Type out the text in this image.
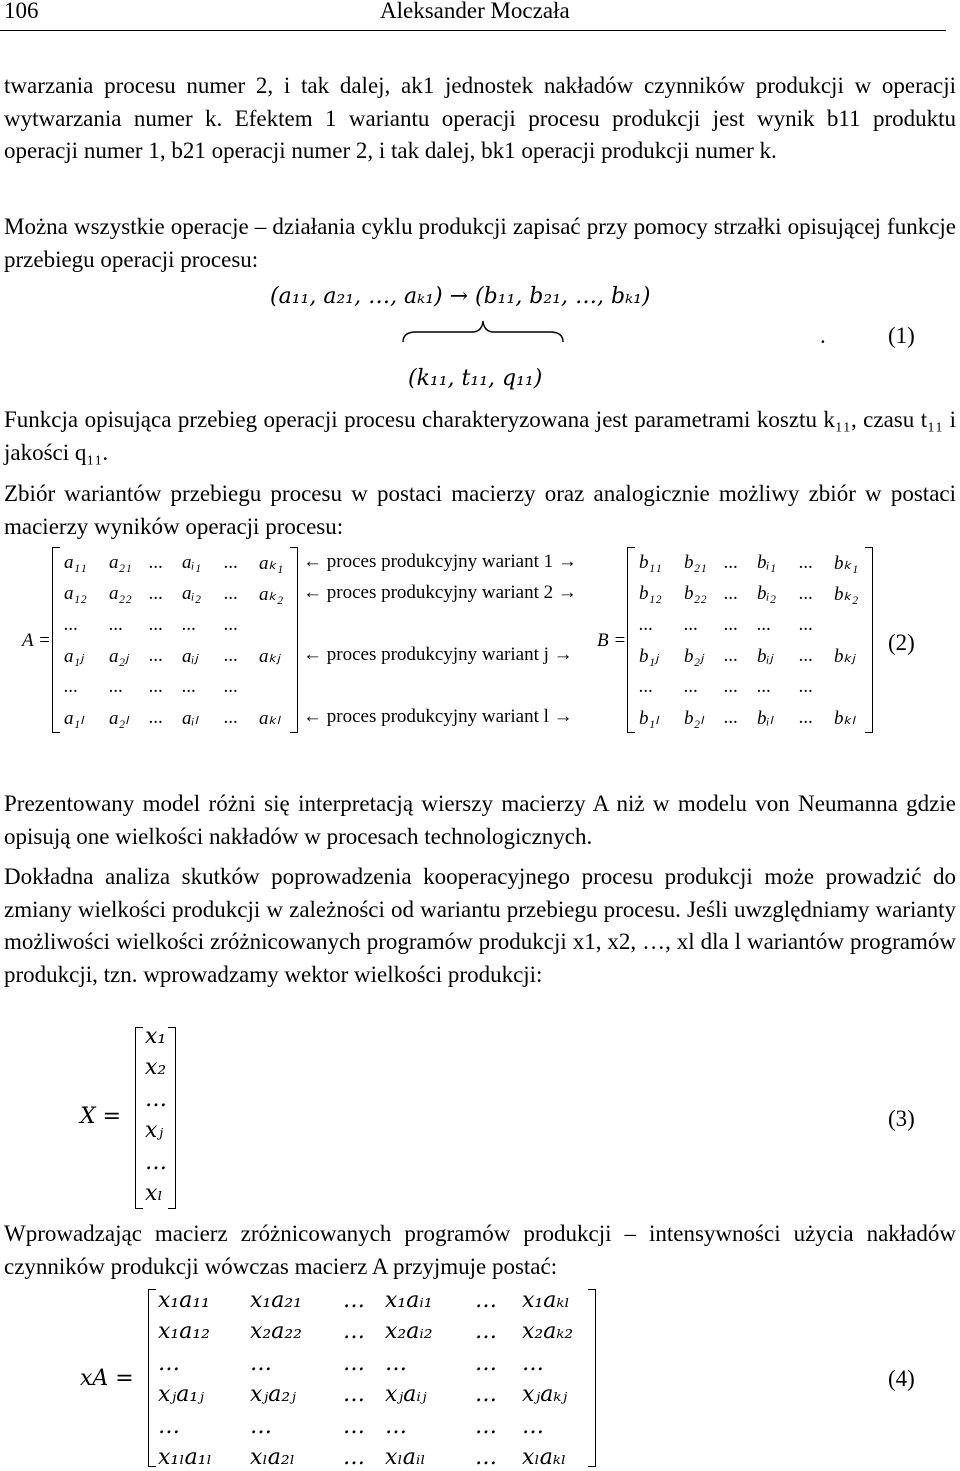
106	Aleksander Moczała
twarzania procesu numer 2, i tak dalej, ak1 jednostek nakładów czynników produkcji w operacji wytwarzania numer k. Efektem 1 wariantu operacji procesu produkcji jest wynik b11 produktu operacji numer 1, b21 operacji numer 2, i tak dalej, bk1 operacji produkcji numer k.
Można wszystkie operacje – działania cyklu produkcji zapisać przy pomocy strzałki opisującej funkcje przebiegu operacji procesu:
(a₁₁, a₂₁, …, aₖ₁) → (b₁₁, b₂₁, …, bₖ₁)
(k₁₁, t₁₁, q₁₁)
.	(1)
Funkcja opisująca przebieg operacji procesu charakteryzowana jest parametrami kosztu k₁₁, czasu t₁₁ i jakości q₁₁.
Zbiór wariantów przebiegu procesu w postaci macierzy oraz analogicznie możliwy zbiór w postaci macierzy wyników operacji procesu:
A =
a₁₁ a₂₁ ... aᵢ₁ ... aₖ₁
a₁₂ a₂₂ ... aᵢ₂ ... aₖ₂
... ... ... ... ...
a₁ⱼ a₂ⱼ ... aᵢⱼ ... aₖⱼ
... ... ... ... ...
a₁ₗ a₂ₗ ... aᵢₗ ... aₖₗ
← proces produkcyjny wariant 1 →
← proces produkcyjny wariant 2 →
← proces produkcyjny wariant j →
← proces produkcyjny wariant l →
B =
b₁₁ b₂₁ ... bᵢ₁ ... bₖ₁
b₁₂ b₂₂ ... bᵢ₂ ... bₖ₂
... ... ... ... ...
b₁ⱼ b₂ⱼ ... bᵢⱼ ... bₖⱼ
... ... ... ... ...
b₁ₗ b₂ₗ ... bᵢₗ ... bₖₗ
(2)
Prezentowany model różni się interpretacją wierszy macierzy A niż w modelu von Neumanna gdzie opisują one wielkości nakładów w procesach technologicznych.
Dokładna analiza skutków poprowadzenia kooperacyjnego procesu produkcji może prowadzić do zmiany wielkości produkcji w zależności od wariantu przebiegu procesu. Jeśli uwzględniamy warianty możliwości wielkości zróżnicowanych programów produkcji x1, x2, …, xl dla l wariantów programów produkcji, tzn. wprowadzamy wektor wielkości produkcji:
X =
x₁
x₂
…
xⱼ
…
xₗ
(3)
Wprowadzając macierz zróżnicowanych programów produkcji – intensywności użycia nakładów czynników produkcji wówczas macierz A przyjmuje postać:
xA =
x₁a₁₁ x₁a₂₁ … x₁aᵢ₁ … x₁aₖₗ
x₁a₁₂ x₂a₂₂ … x₂aᵢ₂ … x₂aₖ₂
…	…	… …	… …
xⱼa₁ⱼ xⱼa₂ⱼ … xⱼaᵢⱼ … xⱼaₖⱼ
…	…	… …	… …
x₁ₗa₁ₗ xₗa₂ₗ … xₗaᵢₗ … xₗaₖₗ
(4)
